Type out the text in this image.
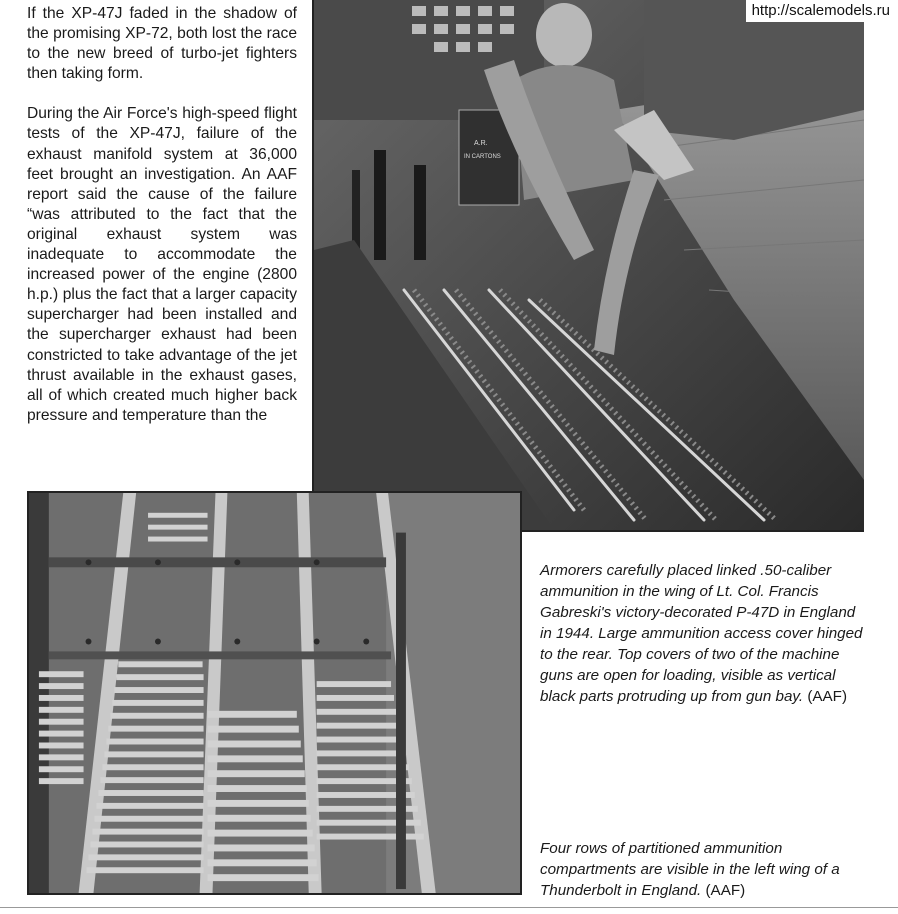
If the XP-47J faded in the shadow of the promising XP-72, both lost the race to the new breed of turbo-jet fighters then taking form.

During the Air Force's high-speed flight tests of the XP-47J, failure of the exhaust manifold system at 36,000 feet brought an investigation. An AAF report said the cause of the failure “was attributed to the fact that the original exhaust system was inadequate to accommodate the increased power of the engine (2800 h.p.) plus the fact that a larger capacity supercharger had been installed and the supercharger exhaust had been constricted to take advantage of the jet thrust available in the exhaust gases, all of which created much higher back pressure and temperature than the

A.R.
IN CARTONS

Armorers carefully placed linked .50-caliber ammunition in the wing of Lt. Col. Francis Gabreski's victory-decorated P-47D in England in 1944. Large ammunition access cover hinged to the rear. Top covers of two of the machine guns are open for loading, visible as vertical black parts protruding up from gun bay. (AAF)

Four rows of partitioned ammunition compartments are visible in the left wing of a Thunderbolt in England. (AAF)

http://scalemodels.ru
